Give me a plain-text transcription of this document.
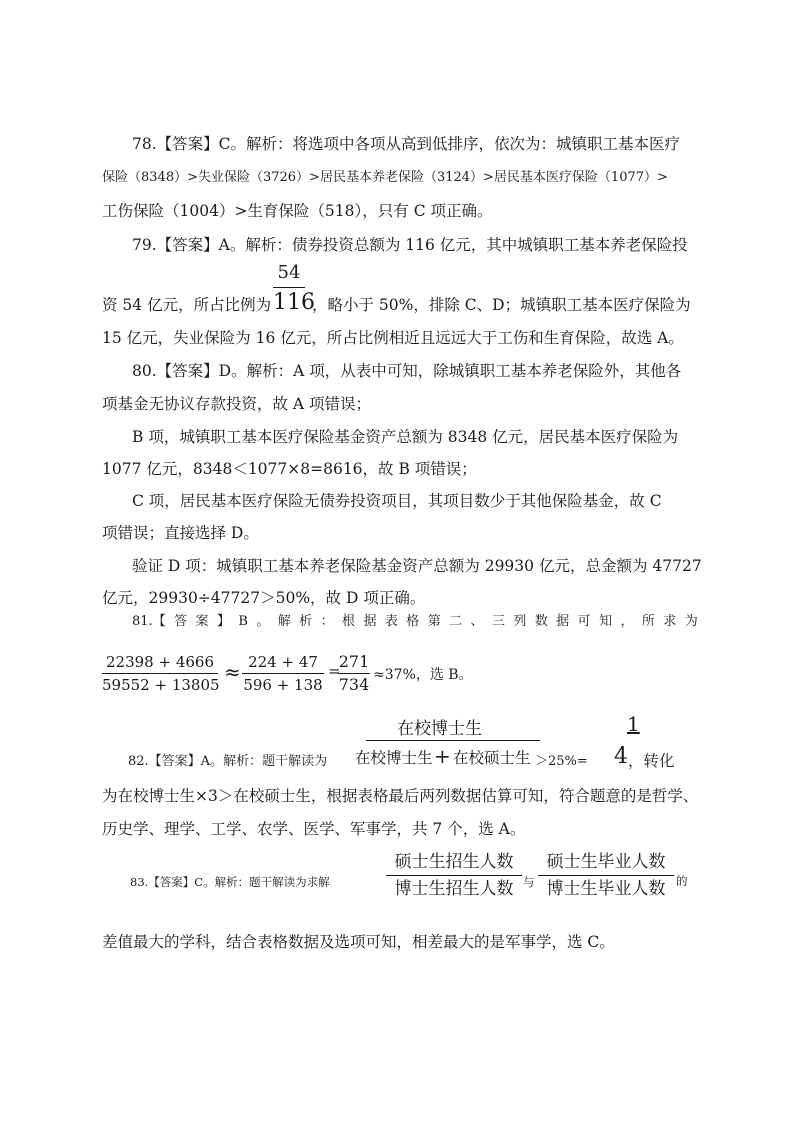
78.【答案】C。解析：将选项中各项从高到低排序，依次为：城镇职工基本医疗
保险（8348）>失业保险（3726）>居民基本养老保险（3124）>居民基本医疗保险（1077）>
工伤保险（1004）>生育保险（518），只有 C 项正确。
79.【答案】A。解析：债券投资总额为 116 亿元，其中城镇职工基本养老保险投
54
116
资 54 亿元，所占比例为	，略小于 50%，排除 C、D；城镇职工基本医疗保险为
15 亿元，失业保险为 16 亿元，所占比例相近且远远大于工伤和生育保险，故选 A。
80.【答案】D。解析：A 项，从表中可知，除城镇职工基本养老保险外，其他各
项基金无协议存款投资，故 A 项错误；
B 项，城镇职工基本医疗保险基金资产总额为 8348 亿元，居民基本医疗保险为
1077 亿元，8348＜1077×8=8616，故 B 项错误；
C 项，居民基本医疗保险无债券投资项目，其项目数少于其他保险基金，故 C
项错误；直接选择 D。
验证 D 项：城镇职工基本养老保险基金资产总额为 29930 亿元，总金额为 47727
亿元，29930÷47727＞50%，故 D 项正确。
81.【 答 案 】 B 。 解 析 ： 根 据 表 格 第 二 、 三 列 数 据 可 知 ， 所 求 为
22398 + 4666
59552 + 13805
≈ 224 + 47
596 + 138
=
271
734 ≈37%，选 B。
在校博士生	1
82.【答案】A。解析：题干解读为 在校博士生 + 在校硕士生 ＞25%= 4 ，转化
为在校博士生×3＞在校硕士生，根据表格最后两列数据估算可知，符合题意的是哲学、
历史学、理学、工学、农学、医学、军事学，共 7 个，选 A。
83.【答案】C。解析：题干解读为求解
硕士生招生人数
博士生招生人数 与
硕士生毕业人数
博士生毕业人数 的
差值最大的学科，结合表格数据及选项可知，相差最大的是军事学，选 C。
